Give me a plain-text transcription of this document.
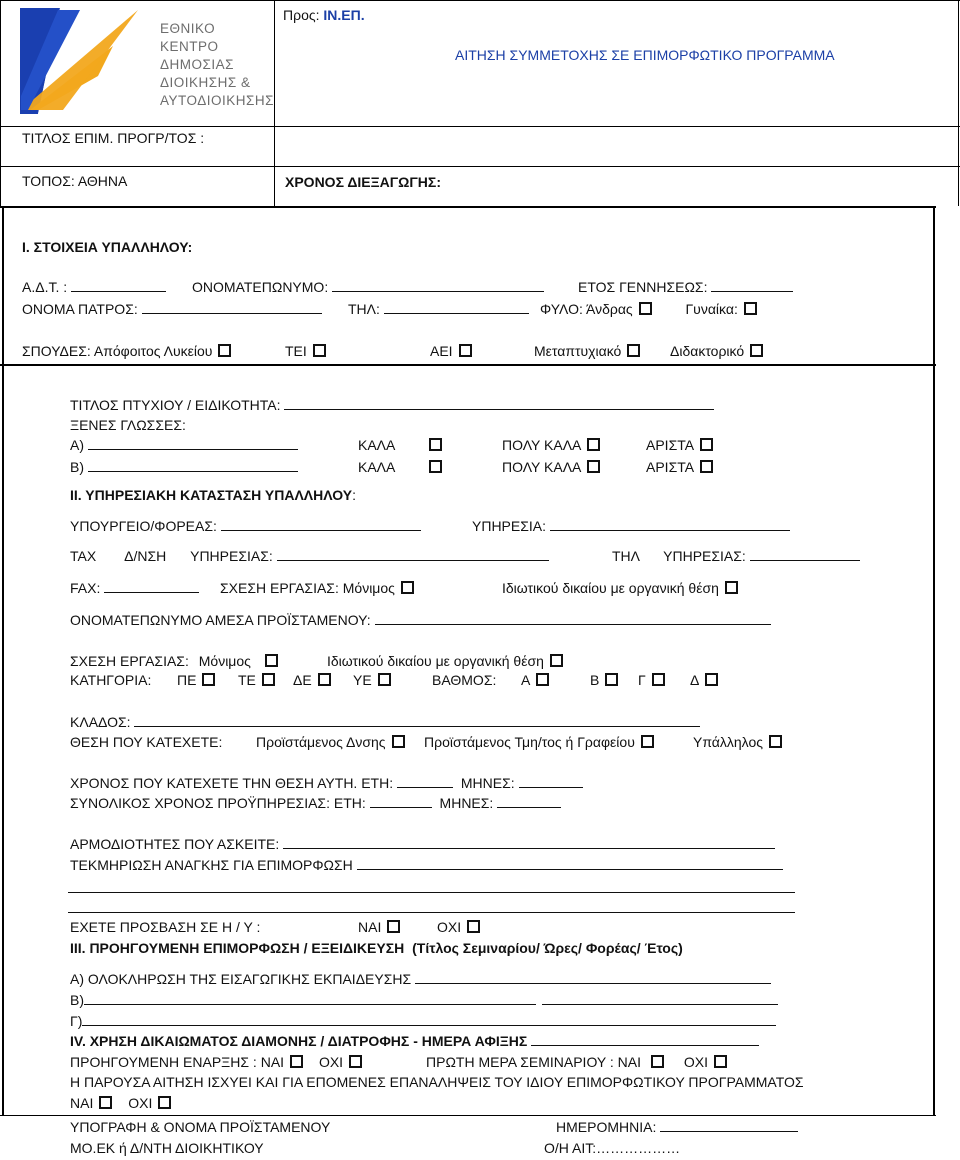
ΕΘΝΙΚΟ
ΚΕΝΤΡΟ
ΔΗΜΟΣΙΑΣ
ΔΙΟΙΚΗΣΗΣ &
ΑΥΤΟΔΙΟΙΚΗΣΗΣ
Προς: ΙΝ.ΕΠ.
ΑΙΤΗΣΗ ΣΥΜΜΕΤΟΧΗΣ ΣΕ ΕΠΙΜΟΡΦΩΤΙΚΟ ΠΡΟΓΡΑΜΜΑ
ΤΙΤΛΟΣ ΕΠΙΜ. ΠΡΟΓΡ/ΤΟΣ :
ΤΟΠΟΣ: ΑΘΗΝΑ	ΧΡΟΝΟΣ ΔΙΕΞΑΓΩΓΗΣ:
Ι. ΣΤΟΙΧΕΙΑ ΥΠΑΛΛΗΛΟΥ:
Α.Δ.Τ. :	ΟΝΟΜΑΤΕΠΩΝΥΜΟ:	ΕΤΟΣ ΓΕΝΝΗΣΕΩΣ:
ΟΝΟΜΑ ΠΑΤΡΟΣ:	ΤΗΛ:	ΦΥΛΟ: Άνδρας	Γυναίκα:
ΣΠΟΥΔΕΣ: Απόφοιτος Λυκείου	ΤΕΙ	ΑΕΙ	Μεταπτυχιακό	Διδακτορικό
ΤΙΤΛΟΣ ΠΤΥΧΙΟΥ / ΕΙΔΙΚΟΤΗΤΑ:
ΞΕΝΕΣ ΓΛΩΣΣΕΣ:
Α)	ΚΑΛΑ	ΠΟΛΥ ΚΑΛΑ	ΑΡΙΣΤΑ
Β)	ΚΑΛΑ	ΠΟΛΥ ΚΑΛΑ	ΑΡΙΣΤΑ
ΙΙ. ΥΠΗΡΕΣΙΑΚΗ ΚΑΤΑΣΤΑΣΗ ΥΠΑΛΛΗΛΟΥ:
ΥΠΟΥΡΓΕΙΟ/ΦΟΡΕΑΣ:	ΥΠΗΡΕΣΙΑ:
ΤΑΧ Δ/ΝΣΗ ΥΠΗΡΕΣΙΑΣ:	ΤΗΛ ΥΠΗΡΕΣΙΑΣ:
FAX:	ΣΧΕΣΗ ΕΡΓΑΣΙΑΣ: Μόνιμος	Ιδιωτικού δικαίου με οργανική θέση
ΟΝΟΜΑΤΕΠΩΝΥΜΟ ΑΜΕΣΑ ΠΡΟΪΣΤΑΜΕΝΟΥ:
ΣΧΕΣΗ ΕΡΓΑΣΙΑΣ: Μόνιμος	Ιδιωτικού δικαίου με οργανική θέση
ΚΑΤΗΓΟΡΙΑ: ΠΕ	ΤΕ	ΔΕ	ΥΕ	ΒΑΘΜΟΣ: Α	Β	Γ	Δ
ΚΛΑΔΟΣ:
ΘΕΣΗ ΠΟΥ ΚΑΤΕΧΕΤΕ: Προϊστάμενος Δνσης	Προϊστάμενος Τμη/τος ή Γραφείου	Υπάλληλος
ΧΡΟΝΟΣ ΠΟΥ ΚΑΤΕΧΕΤΕ ΤΗΝ ΘΕΣΗ ΑΥΤΗ. ΕΤΗ:	ΜΗΝΕΣ:
ΣΥΝΟΛΙΚΟΣ ΧΡΟΝΟΣ ΠΡΟΫΠΗΡΕΣΙΑΣ: ΕΤΗ:	ΜΗΝΕΣ:
ΑΡΜΟΔΙΟΤΗΤΕΣ ΠΟΥ ΑΣΚΕΙΤΕ:
ΤΕΚΜΗΡΙΩΣΗ ΑΝΑΓΚΗΣ ΓΙΑ ΕΠΙΜΟΡΦΩΣΗ
ΕΧΕΤΕ ΠΡΟΣΒΑΣΗ ΣΕ Η / Υ :	ΝΑΙ	ΟΧΙ
ΙΙΙ. ΠΡΟΗΓΟΥΜΕΝΗ ΕΠΙΜΟΡΦΩΣΗ / ΕΞΕΙΔΙΚΕΥΣΗ (Τίτλος Σεμιναρίου/ Ώρες/ Φορέας/ Έτος)
Α) ΟΛΟΚΛΗΡΩΣΗ ΤΗΣ ΕΙΣΑΓΩΓΙΚΗΣ ΕΚΠΑΙΔΕΥΣΗΣ
Β)
Γ)
ΙV. ΧΡΗΣΗ ΔΙΚΑΙΩΜΑΤΟΣ ΔΙΑΜΟΝΗΣ / ΔΙΑΤΡΟΦΗΣ - ΗΜΕΡΑ ΑΦΙΞΗΣ
ΠΡΟΗΓΟΥΜΕΝΗ ΕΝΑΡΞΗΣ : ΝΑΙ ΟΧΙ	ΠΡΩΤΗ ΜΕΡΑ ΣΕΜΙΝΑΡΙΟΥ : ΝΑΙ	ΟΧΙ
Η ΠΑΡΟΥΣΑ ΑΙΤΗΣΗ ΙΣΧΥΕΙ ΚΑΙ ΓΙΑ ΕΠΟΜΕΝΕΣ ΕΠΑΝΑΛΗΨΕΙΣ ΤΟΥ ΙΔΙΟΥ ΕΠΙΜΟΡΦΩΤΙΚΟΥ ΠΡΟΓΡΑΜΜΑΤΟΣ
ΝΑΙ ΟΧΙ
ΥΠΟΓΡΑΦΗ & ΟΝΟΜΑ ΠΡΟΪΣΤΑΜΕΝΟΥ	ΗΜΕΡΟΜΗΝΙΑ:
ΜΟ.ΕΚ ή Δ/ΝΤΗ ΔΙΟΙΚΗΤΙΚΟΥ	Ο/Η ΑΙΤ:………………
